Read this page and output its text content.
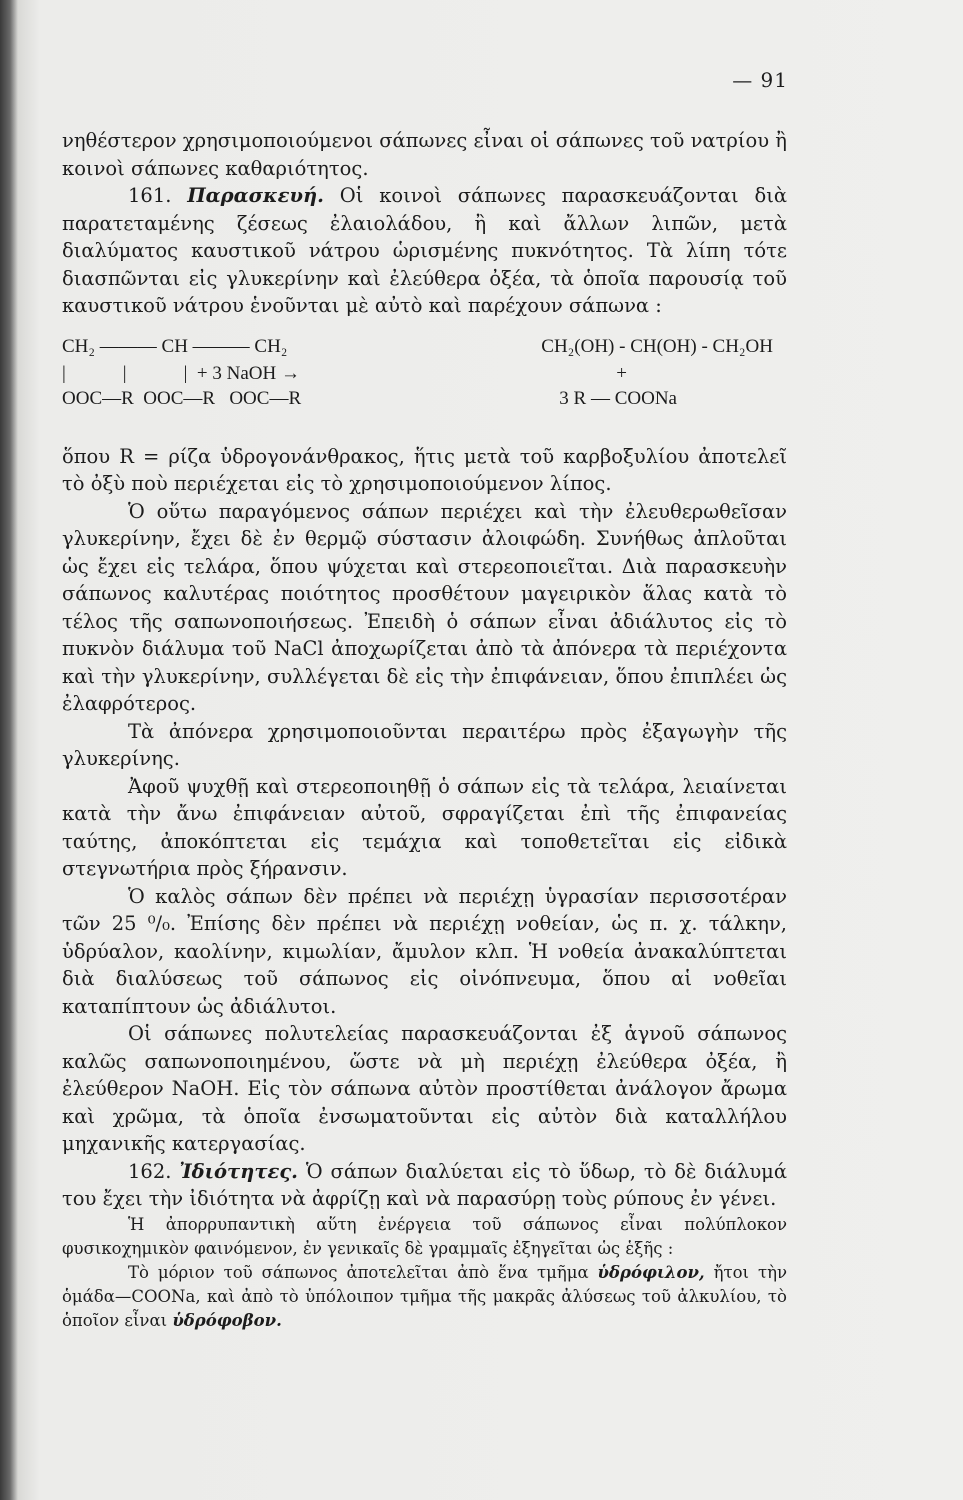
— 91

νηθέστερον χρησιμοποιούμενοι σάπωνες εἶναι οἱ σάπωνες τοῦ νατρίου ἢ κοινοὶ σάπωνες καθαριότητος.

161. Παρασκευή. Οἱ κοινοὶ σάπωνες παρασκευάζονται διὰ παρατεταμένης ζέσεως ἐλαιολάδου, ἢ καὶ ἄλλων λιπῶν, μετὰ διαλύματος καυστικοῦ νάτρου ὡρισμένης πυκνότητος. Τὰ λίπη τότε διασπῶνται εἰς γλυκερίνην καὶ ἐλεύθερα ὀξέα, τὰ ὁποῖα παρουσίᾳ τοῦ καυστικοῦ νάτρου ἑνοῦνται μὲ αὐτὸ καὶ παρέχουν σάπωνα :

CH₂ ——— CH ——— CH₂
|            |            |  + 3 NaOH →
OOC—R  OOC—R   OOC—R
CH₂(OH) - CH(OH) - CH₂OH
+
3 R — COONa

ὅπου R = ρίζα ὑδρογονάνθρακος, ἥτις μετὰ τοῦ καρβοξυλίου ἀποτελεῖ τὸ ὀξὺ ποὺ περιέχεται εἰς τὸ χρησιμοποιούμενον λίπος.

Ὁ οὕτω παραγόμενος σάπων περιέχει καὶ τὴν ἐλευθερωθεῖσαν γλυκερίνην, ἔχει δὲ ἐν θερμῷ σύστασιν ἀλοιφώδη. Συνήθως ἀπλοῦται ὡς ἔχει εἰς τελάρα, ὅπου ψύχεται καὶ στερεοποιεῖται. Διὰ παρασκευὴν σάπωνος καλυτέρας ποιότητος προσθέτουν μαγειρικὸν ἅλας κατὰ τὸ τέλος τῆς σαπωνοποιήσεως. Ἐπειδὴ ὁ σάπων εἶναι ἀδιάλυτος εἰς τὸ πυκνὸν διάλυμα τοῦ NaCl ἀποχωρίζεται ἀπὸ τὰ ἀπόνερα τὰ περιέχοντα καὶ τὴν γλυκερίνην, συλλέγεται δὲ εἰς τὴν ἐπιφάνειαν, ὅπου ἐπιπλέει ὡς ἐλαφρότερος.

Τὰ ἀπόνερα χρησιμοποιοῦνται περαιτέρω πρὸς ἐξαγωγὴν τῆς γλυκερίνης.

Ἀφοῦ ψυχθῇ καὶ στερεοποιηθῇ ὁ σάπων εἰς τὰ τελάρα, λειαίνεται κατὰ τὴν ἄνω ἐπιφάνειαν αὐτοῦ, σφραγίζεται ἐπὶ τῆς ἐπιφανείας ταύτης, ἀποκόπτεται εἰς τεμάχια καὶ τοποθετεῖται εἰς εἰδικὰ στεγνωτήρια πρὸς ξήρανσιν.

Ὁ καλὸς σάπων δὲν πρέπει νὰ περιέχῃ ὑγρασίαν περισσοτέραν τῶν 25 ⁰/₀. Ἐπίσης δὲν πρέπει νὰ περιέχῃ νοθείαν, ὡς π. χ. τάλκην, ὑδρύαλον, καολίνην, κιμωλίαν, ἄμυλον κλπ. Ἡ νοθεία ἀνακαλύπτεται διὰ διαλύσεως τοῦ σάπωνος εἰς οἰνόπνευμα, ὅπου αἱ νοθεῖαι καταπίπτουν ὡς ἀδιάλυτοι.

Οἱ σάπωνες πολυτελείας παρασκευάζονται ἐξ ἁγνοῦ σάπωνος καλῶς σαπωνοποιημένου, ὥστε νὰ μὴ περιέχῃ ἐλεύθερα ὀξέα, ἢ ἐλεύθερον NaOH. Εἰς τὸν σάπωνα αὐτὸν προστίθεται ἀνάλογον ἄρωμα καὶ χρῶμα, τὰ ὁποῖα ἐνσωματοῦνται εἰς αὐτὸν διὰ καταλλήλου μηχανικῆς κατεργασίας.

162. Ἰδιότητες. Ὁ σάπων διαλύεται εἰς τὸ ὕδωρ, τὸ δὲ διάλυμά του ἔχει τὴν ἰδιότητα νὰ ἀφρίζῃ καὶ νὰ παρασύρῃ τοὺς ρύπους ἐν γένει.

Ἡ ἀπορρυπαντικὴ αὕτη ἐνέργεια τοῦ σάπωνος εἶναι πολύπλοκον φυσικοχημικὸν φαινόμενον, ἐν γενικαῖς δὲ γραμμαῖς ἐξηγεῖται ὡς ἑξῆς :

Τὸ μόριον τοῦ σάπωνος ἀποτελεῖται ἀπὸ ἕνα τμῆμα ὑδρόφιλον, ἤτοι τὴν ὁμάδα—COONa, καὶ ἀπὸ τὸ ὑπόλοιπον τμῆμα τῆς μακρᾶς ἀλύσεως τοῦ ἀλκυλίου, τὸ ὁποῖον εἶναι ὑδρόφοβον.
